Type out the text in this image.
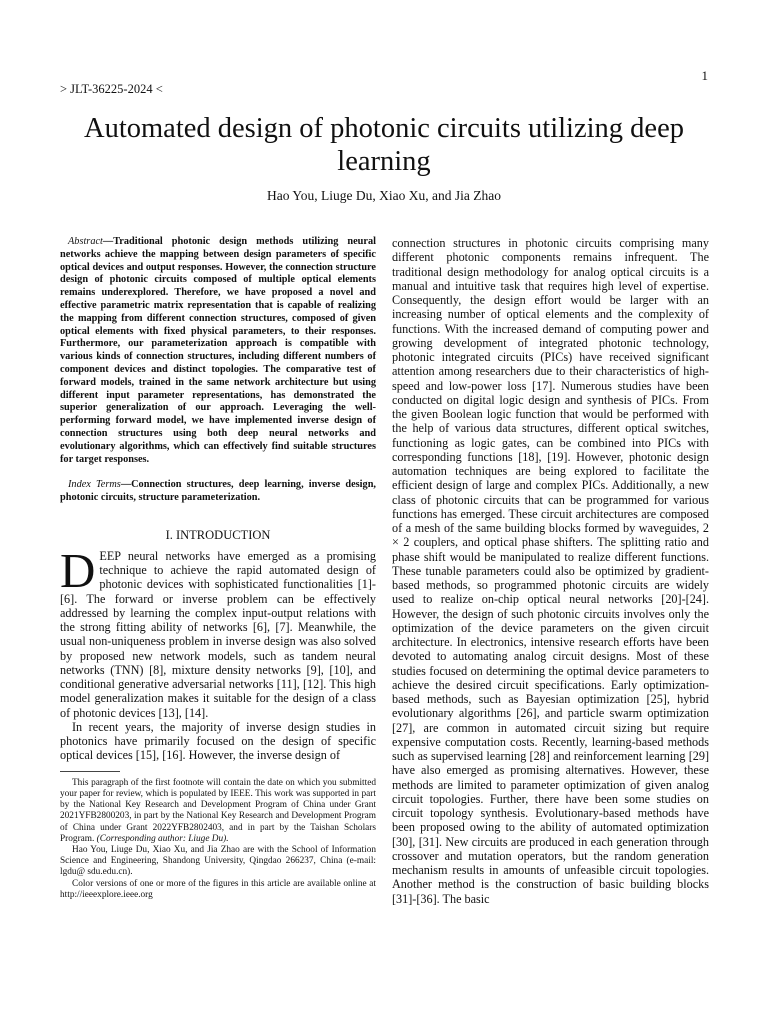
1
> JLT-36225-2024 <
Automated design of photonic circuits utilizing deep learning
Hao You, Liuge Du, Xiao Xu, and Jia Zhao

Abstract—Traditional photonic design methods utilizing neural networks achieve the mapping between design parameters of specific optical devices and output responses. However, the connection structure design of photonic circuits composed of multiple optical elements remains underexplored. Therefore, we have proposed a novel and effective parametric matrix representation that is capable of realizing the mapping from different connection structures, composed of given optical elements with fixed physical parameters, to their responses. Furthermore, our parameterization approach is compatible with various kinds of connection structures, including different numbers of component devices and distinct topologies. The comparative test of forward models, trained in the same network architecture but using different input parameter representations, has demonstrated the superior generalization of our approach. Leveraging the well-performing forward model, we have implemented inverse design of connection structures using both deep neural networks and evolutionary algorithms, which can effectively find suitable structures for target responses.

Index Terms—Connection structures, deep learning, inverse design, photonic circuits, structure parameterization.

I. INTRODUCTION

DEEP neural networks have emerged as a promising technique to achieve the rapid automated design of photonic devices with sophisticated functionalities [1]-[6]. The forward or inverse problem can be effectively addressed by learning the complex input-output relations with the strong fitting ability of networks [6], [7]. Meanwhile, the usual non-uniqueness problem in inverse design was also solved by proposed new network models, such as tandem neural networks (TNN) [8], mixture density networks [9], [10], and conditional generative adversarial networks [11], [12]. This high model generalization makes it suitable for the design of a class of photonic devices [13], [14].

In recent years, the majority of inverse design studies in photonics have primarily focused on the design of specific optical devices [15], [16]. However, the inverse design of

This paragraph of the first footnote will contain the date on which you submitted your paper for review, which is populated by IEEE. This work was supported in part by the National Key Research and Development Program of China under Grant 2021YFB2800203, in part by the National Key Research and Development Program of China under Grant 2022YFB2802403, and in part by the Taishan Scholars Program. (Corresponding author: Liuge Du).

Hao You, Liuge Du, Xiao Xu, and Jia Zhao are with the School of Information Science and Engineering, Shandong University, Qingdao 266237, China (e-mail: lgdu@ sdu.edu.cn).

Color versions of one or more of the figures in this article are available online at http://ieeexplore.ieee.org

connection structures in photonic circuits comprising many different photonic components remains infrequent. The traditional design methodology for analog optical circuits is a manual and intuitive task that requires high level of expertise. Consequently, the design effort would be larger with an increasing number of optical elements and the complexity of functions. With the increased demand of computing power and growing development of integrated photonic technology, photonic integrated circuits (PICs) have received significant attention among researchers due to their characteristics of high-speed and low-power loss [17]. Numerous studies have been conducted on digital logic design and synthesis of PICs. From the given Boolean logic function that would be performed with the help of various data structures, different optical switches, functioning as logic gates, can be combined into PICs with corresponding functions [18], [19]. However, photonic design automation techniques are being explored to facilitate the efficient design of large and complex PICs. Additionally, a new class of photonic circuits that can be programmed for various functions has emerged. These circuit architectures are composed of a mesh of the same building blocks formed by waveguides, 2 × 2 couplers, and optical phase shifters. The splitting ratio and phase shift would be manipulated to realize different functions. These tunable parameters could also be optimized by gradient-based methods, so programmed photonic circuits are widely used to realize on-chip optical neural networks [20]-[24]. However, the design of such photonic circuits involves only the optimization of the device parameters on the given circuit architecture. In electronics, intensive research efforts have been devoted to automating analog circuit designs. Most of these studies focused on determining the optimal device parameters to achieve the desired circuit specifications. Early optimization-based methods, such as Bayesian optimization [25], hybrid evolutionary algorithms [26], and particle swarm optimization [27], are common in automated circuit sizing but require expensive computation costs. Recently, learning-based methods such as supervised learning [28] and reinforcement learning [29] have also emerged as promising alternatives. However, these methods are limited to parameter optimization of given analog circuit topologies. Further, there have been some studies on circuit topology synthesis. Evolutionary-based methods have been proposed owing to the ability of automated optimization [30], [31]. New circuits are produced in each generation through crossover and mutation operators, but the random generation mechanism results in amounts of unfeasible circuit topologies. Another method is the construction of basic building blocks [31]-[36]. The basic
